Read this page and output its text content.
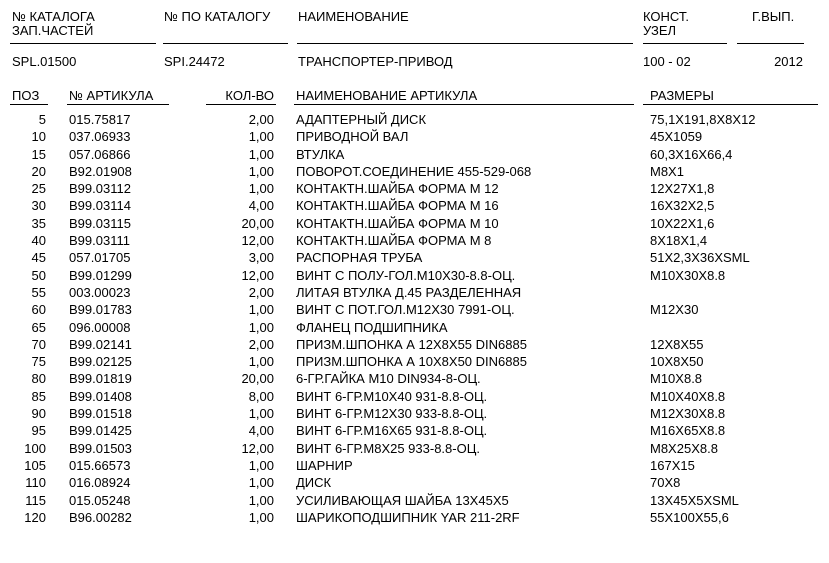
№ КАТАЛОГА
ЗАП.ЧАСТЕЙ
№ ПО КАТАЛОГУ НАИМЕНОВАНИЕ	КОНСТ.
УЗЕЛ
Г.ВЫП.
SPL.01500	SPI.24472	ТРАНСПОРТЕР-ПРИВОД	100 - 02	2012
ПОЗ № АРТИКУЛА	КОЛ-ВО НАИМЕНОВАНИЕ АРТИКУЛА	РАЗМЕРЫ
5 015.75817	2,00 АДАПТЕРНЫЙ ДИСК	75,1X191,8X8X12
10 037.06933	1,00 ПРИВОДНОЙ ВАЛ	45X1059
15 057.06866	1,00 ВТУЛКА	60,3X16X66,4
20 B92.01908	1,00 ПОВОРОТ.СОЕДИНЕНИЕ 455-529-068	M8X1
25 B99.03112	1,00 КОНТАКТН.ШАЙБА ФОРМА М 12	12X27X1,8
30 B99.03114	4,00 КОНТАКТН.ШАЙБА ФОРМА М 16	16X32X2,5
35 B99.03115	20,00 КОНТАКТН.ШАЙБА ФОРМА М 10	10X22X1,6
40 B99.03111	12,00 КОНТАКТН.ШАЙБА ФОРМА М 8	8X18X1,4
45 057.01705	3,00 РАСПОРНАЯ ТРУБА	51X2,3X36XSML
50 B99.01299	12,00 ВИНТ С ПОЛУ-ГОЛ.M10X30-8.8-ОЦ.	M10X30X8.8
55 003.00023	2,00 ЛИТАЯ ВТУЛКА Д.45 РАЗДЕЛЕННАЯ
60 B99.01783	1,00 ВИНТ С ПОТ.ГОЛ.M12X30 7991-ОЦ.	M12X30
65 096.00008	1,00 ФЛАНЕЦ ПОДШИПНИКА
70 B99.02141	2,00 ПРИЗМ.ШПОНКА А 12X8X55 DIN6885	12X8X55
75 B99.02125	1,00 ПРИЗМ.ШПОНКА А 10X8X50 DIN6885	10X8X50
80 B99.01819	20,00 6-ГР.ГАЙКА M10 DIN934-8-ОЦ.	M10X8.8
85 B99.01408	8,00 ВИНТ 6-ГР.M10X40 931-8.8-ОЦ.	M10X40X8.8
90 B99.01518	1,00 ВИНТ 6-ГР.M12X30 933-8.8-ОЦ.	M12X30X8.8
95 B99.01425	4,00 ВИНТ 6-ГР.M16X65 931-8.8-ОЦ.	M16X65X8.8
100 B99.01503	12,00 ВИНТ 6-ГР.M8X25 933-8.8-ОЦ.	M8X25X8.8
105 015.66573	1,00 ШАРНИР	167X15
110 016.08924	1,00 ДИСК	70X8
115 015.05248	1,00 УСИЛИВАЮЩАЯ ШАЙБА 13X45X5	13X45X5XSML
120 B96.00282	1,00 ШАРИКОПОДШИПНИК YAR 211-2RF	55X100X55,6
